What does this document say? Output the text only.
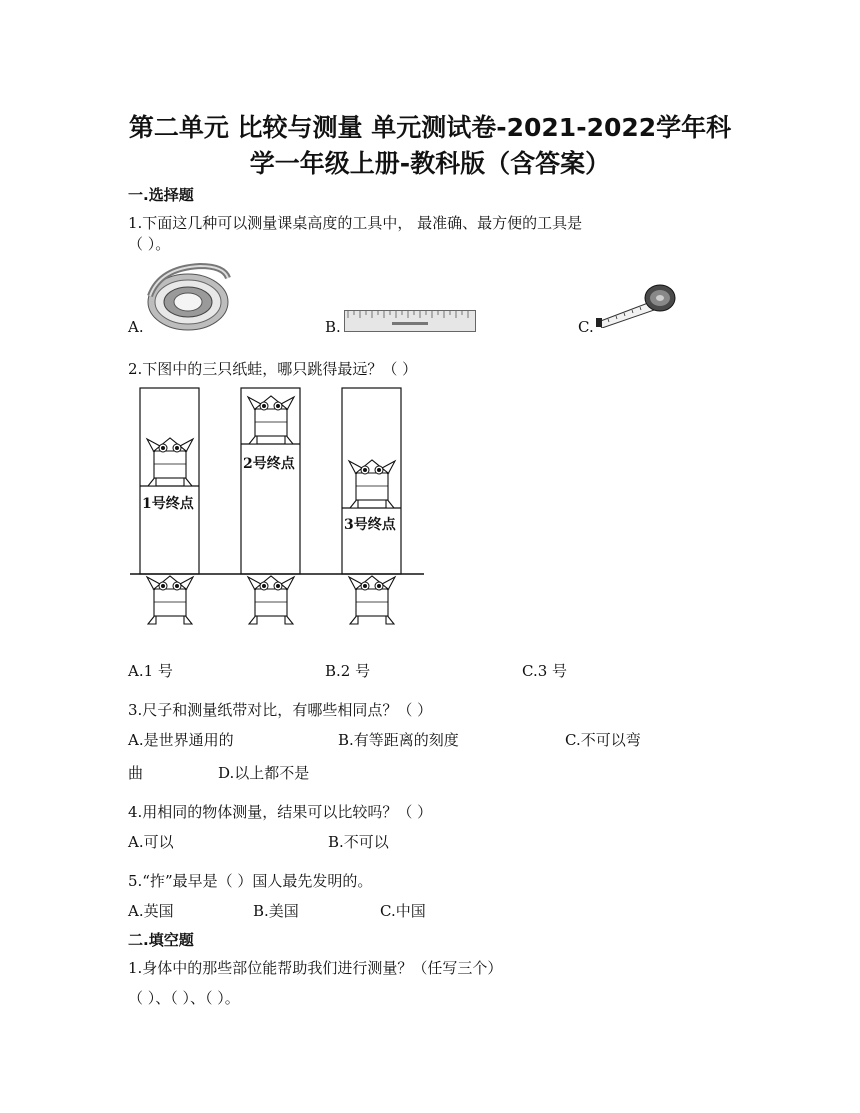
第二单元 比较与测量 单元测试卷-2021-2022学年科
学一年级上册-教科版（含答案）
一.选择题
1.下面这几种可以测量课桌高度的工具中， 最准确、最方便的工具是
（ ）。
A.	B.	C.
2.下图中的三只纸蛙，哪只跳得最远？（ ）
1号终点
2号终点
3号终点
A.1 号	B.2 号	C.3 号
3.尺子和测量纸带对比，有哪些相同点？（ ）
A.是世界通用的	B.有等距离的刻度	C.不可以弯
曲	D.以上都不是
4.用相同的物体测量，结果可以比较吗？（ ）
A.可以	B.不可以
5.“拃”最早是（ ）国人最先发明的。
A.英国	B.美国	C.中国
二.填空题
1.身体中的那些部位能帮助我们进行测量？（任写三个）
（ ）、（ ）、（ ）。
